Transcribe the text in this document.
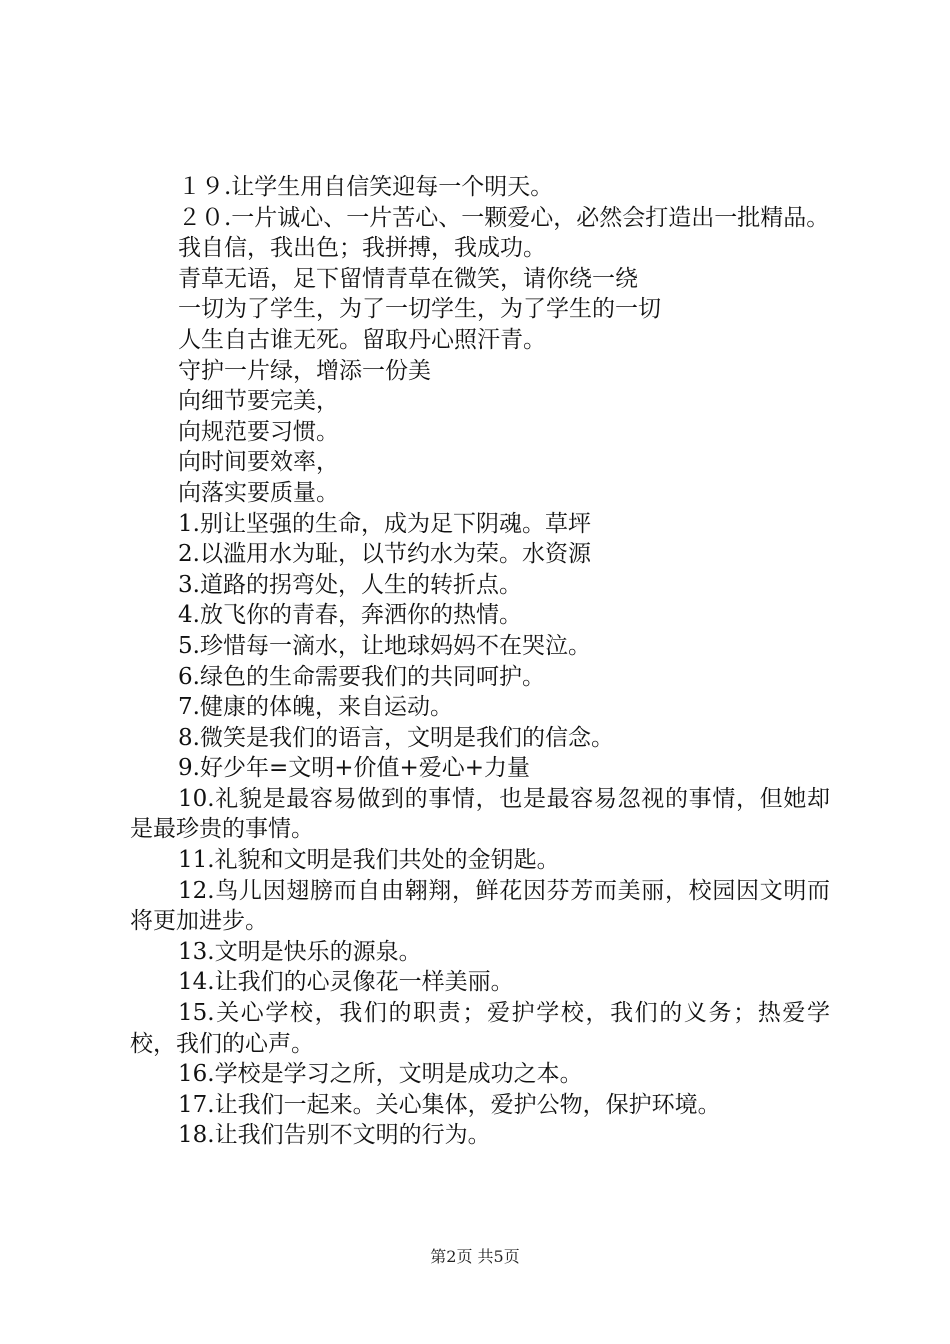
１９.让学生用自信笑迎每一个明天。

２０.一片诚心、一片苦心、一颗爱心，必然会打造出一批精品。

我自信，我出色；我拼搏，我成功。

青草无语，足下留情青草在微笑，请你绕一绕

一切为了学生，为了一切学生，为了学生的一切

人生自古谁无死。留取丹心照汗青。

守护一片绿，增添一份美

向细节要完美，

向规范要习惯。

向时间要效率，

向落实要质量。

1.别让坚强的生命，成为足下阴魂。草坪

2.以滥用水为耻，以节约水为荣。水资源

3.道路的拐弯处，人生的转折点。

4.放飞你的青春，奔洒你的热情。

5.珍惜每一滴水，让地球妈妈不在哭泣。

6.绿色的生命需要我们的共同呵护。

7.健康的体魄，来自运动。

8.微笑是我们的语言，文明是我们的信念。

9.好少年=文明+价值+爱心+力量

10.礼貌是最容易做到的事情，也是最容易忽视的事情，但她却是最珍贵的事情。

11.礼貌和文明是我们共处的金钥匙。

12.鸟儿因翅膀而自由翱翔，鲜花因芬芳而美丽，校园因文明而将更加进步。

13.文明是快乐的源泉。

14.让我们的心灵像花一样美丽。

15.关心学校，我们的职责；爱护学校，我们的义务；热爱学校，我们的心声。

16.学校是学习之所，文明是成功之本。

17.让我们一起来。关心集体，爱护公物，保护环境。

18.让我们告别不文明的行为。

第2页 共5页
